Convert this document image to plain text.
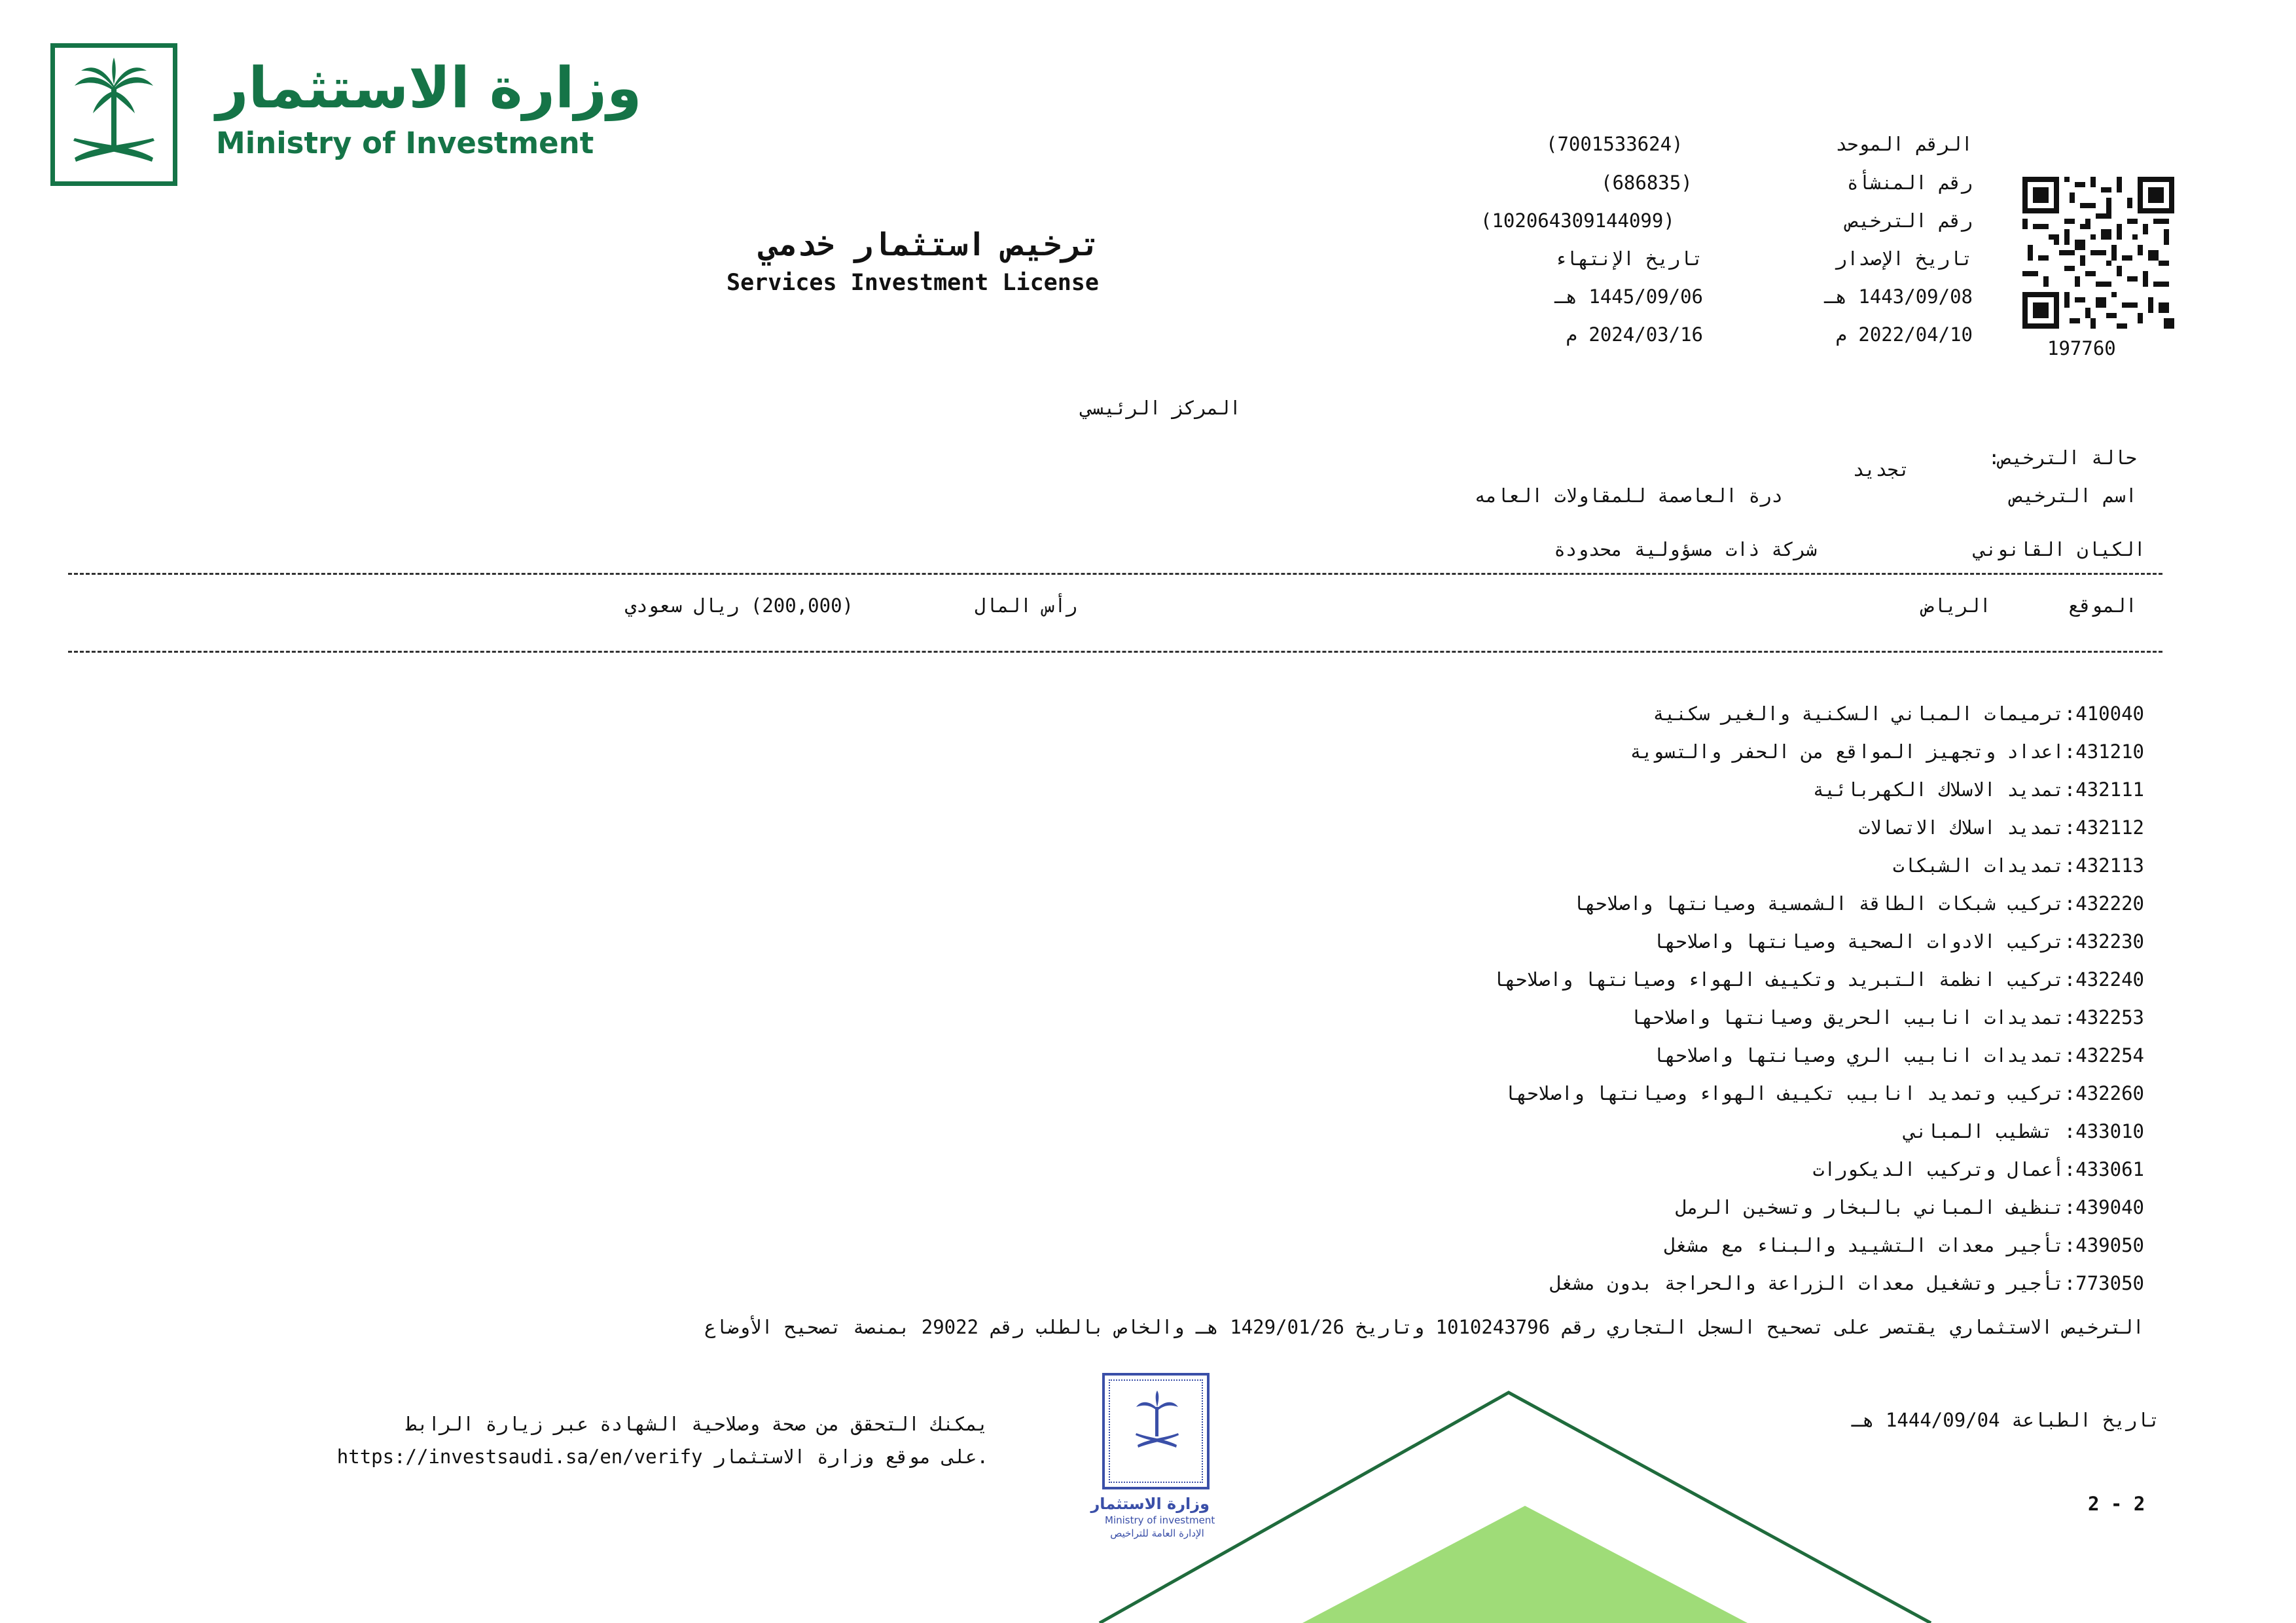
وزارة الاستثمار
Ministry of Investment
ترخيص استثمار خدمي
Services Investment License
الرقم الموحد
(7001533624)
رقم المنشأة
(686835)
رقم الترخيص
(102064309144099)
تاريخ الإصدار
تاريخ الإنتهاء
1443/09/08 هـ
1445/09/06 هـ
2022/04/10 م
2024/03/16 م
197760
المركز الرئيسي
حالة الترخيص:
تجديد
اسم الترخيص
درة العاصمة للمقاولات العامه
الكيان القانوني
شركة ذات مسؤولية محدودة
الموقع
الرياض
رأس المال
(200,000) ريال سعودي
410040:ترميمات المباني السكنية والغير سكنية
431210:اعداد وتجهيز المواقع من الحفر والتسوية
432111:تمديد الاسلاك الكهربائية
432112:تمديد اسلاك الاتصالات
432113:تمديدات الشبكات
432220:تركيب شبكات الطاقة الشمسية وصيانتها واصلاحها
432230:تركيب الادوات الصحية وصيانتها واصلاحها
432240:تركيب انظمة التبريد وتكييف الهواء وصيانتها واصلاحها
432253:تمديدات انابيب الحريق وصيانتها واصلاحها
432254:تمديدات انابيب الري وصيانتها واصلاحها
432260:تركيب وتمديد انابيب تكييف الهواء وصيانتها واصلاحها
433010: تشطيب المباني
433061:أعمال وتركيب الديكورات
439040:تنظيف المباني بالبخار وتسخين الرمل
439050:تأجير معدات التشييد والبناء مع مشغل
773050:تأجير وتشغيل معدات الزراعة والحراجة بدون مشغل
الترخيص الاستثماري يقتصر على تصحيح السجل التجاري رقم 1010243796 وتاريخ 1429/01/26 هـ والخاص بالطلب رقم 29022 بمنصة تصحيح الأوضاع
يمكنك التحقق من صحة وصلاحية الشهادة عبر زيارة الرابط
https://investsaudi.sa/en/verify على موقع وزارة الاستثمار.
تاريخ الطباعة 1444/09/04 هـ
2 - 2
وزارة الاستثمار
Ministry of investment
الإدارة العامة للتراخيص
